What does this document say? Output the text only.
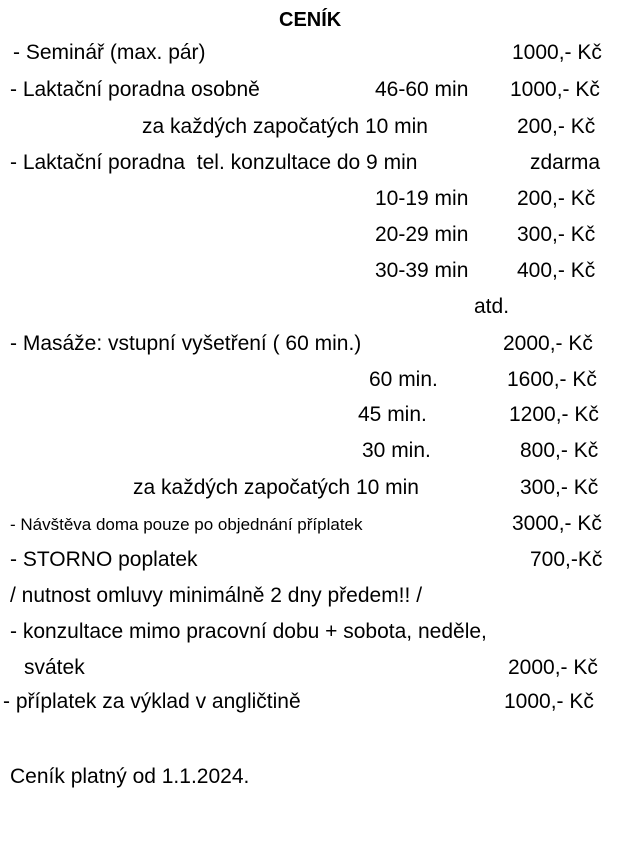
CENÍK
- Seminář (max. pár)	1000,- Kč
- Laktační poradna osobně	46-60 min 1000,- Kč
za každých započatých 10 min	200,- Kč
- Laktační poradna  tel. konzultace do 9 min	zdarma
10-19 min 200,- Kč
20-29 min 300,- Kč
30-39 min 400,- Kč
atd.
- Masáže: vstupní vyšetření ( 60 min.)	2000,- Kč
60 min.	1600,- Kč
45 min.	1200,- Kč
30 min.	800,- Kč
za každých započatých 10 min	300,- Kč
- Návštěva doma pouze po objednání příplatek	3000,- Kč
- STORNO poplatek	700,-Kč
/ nutnost omluvy minimálně 2 dny předem!! /
- konzultace mimo pracovní dobu + sobota, neděle,
svátek	2000,- Kč
- příplatek za výklad v angličtině	1000,- Kč
Ceník platný od 1.1.2024.
